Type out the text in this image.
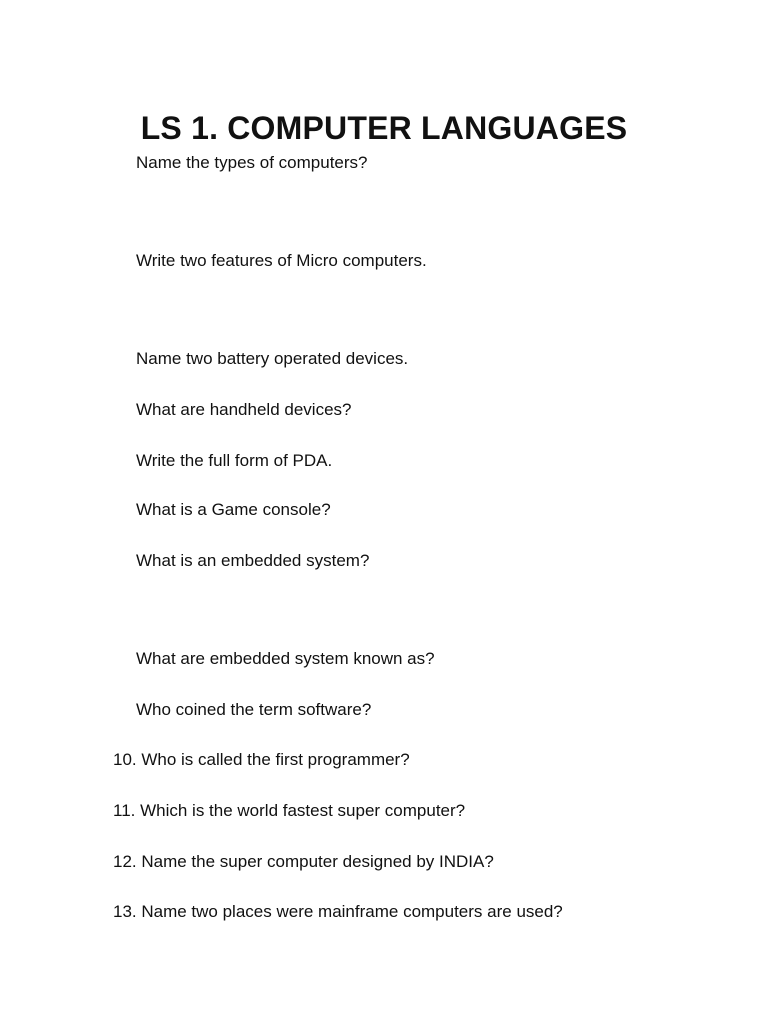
LS 1. COMPUTER LANGUAGES
Name the types of computers?
Write two features of Micro computers.
Name two battery operated devices.
What are handheld devices?
Write the full form of PDA.
What is a Game console?
What is an embedded system?
What are embedded system known as?
Who coined the term software?
10. Who is called the first programmer?
11. Which is the world fastest super computer?
12. Name the super computer designed by INDIA?
13. Name two places were mainframe computers are used?
